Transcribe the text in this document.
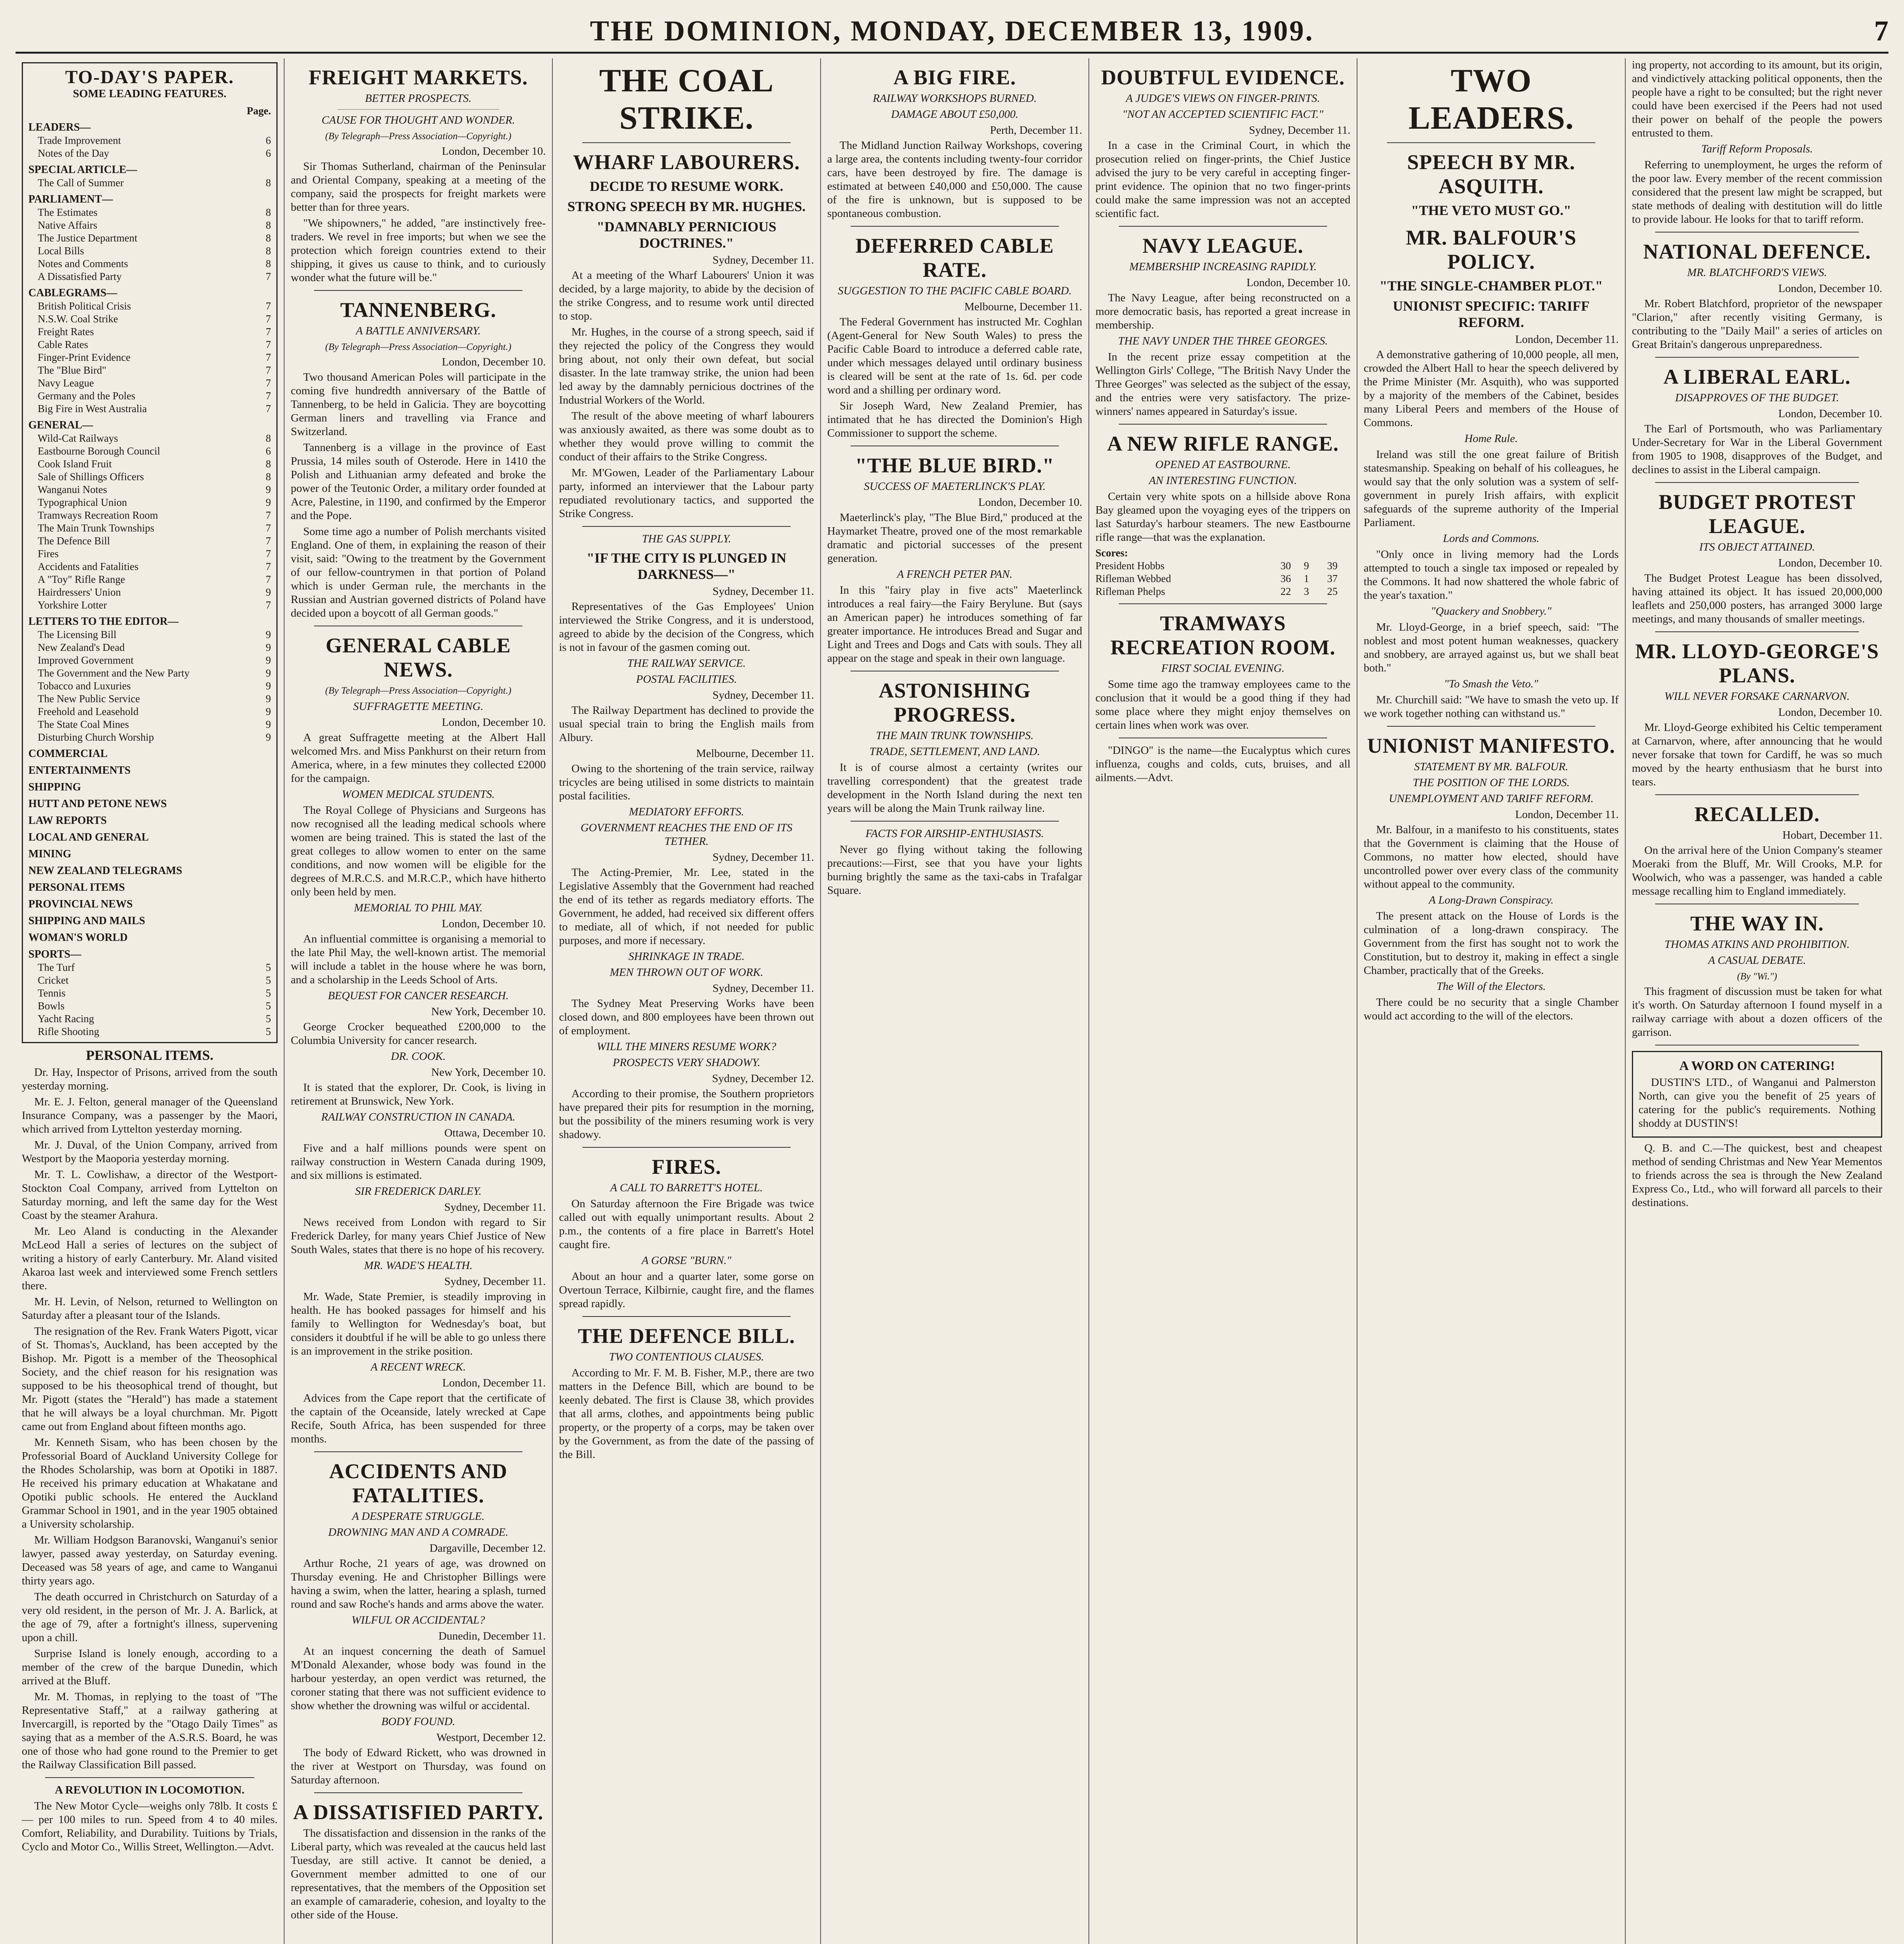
THE DOMINION, MONDAY, DECEMBER 13, 1909.	7
TO-DAY'S PAPER.
SOME LEADING FEATURES.
Page.
LEADERS—
Trade Improvement	6
Notes of the Day	6
SPECIAL ARTICLE—
The Call of Summer	8
PARLIAMENT—
The Estimates	8
Native Affairs	8
The Justice Department	8
Local Bills	8
Notes and Comments	8
A Dissatisfied Party	7
CABLEGRAMS—
British Political Crisis	7
N.S.W. Coal Strike	7
Freight Rates	7
Cable Rates	7
Finger-Print Evidence	7
The "Blue Bird"	7
Navy League	7
Germany and the Poles	7
Big Fire in West Australia	7
GENERAL—
Wild-Cat Railways	8
Eastbourne Borough Council	6
Cook Island Fruit	8
Sale of Shillings Officers	8
Wanganui Notes	9
Typographical Union	9
Tramways Recreation Room	7
The Main Trunk Townships	7
The Defence Bill	7
Fires	7
Accidents and Fatalities	7
A "Toy" Rifle Range	7
Hairdressers' Union	9
Yorkshire Lotter	7
LETTERS TO THE EDITOR—
The Licensing Bill	9
New Zealand's Dead	9
Improved Government	9
The Government and the New Party	9
Tobacco and Luxuries	9
The New Public Service	9
Freehold and Leasehold	9
The State Coal Mines	9
Disturbing Church Worship	9
COMMERCIAL
ENTERTAINMENTS
SHIPPING
HUTT AND PETONE NEWS
LAW REPORTS
LOCAL AND GENERAL
MINING
NEW ZEALAND TELEGRAMS
PERSONAL ITEMS
PROVINCIAL NEWS
SHIPPING AND MAILS
WOMAN'S WORLD
SPORTS—
The Turf	5
Cricket	5
Tennis	5
Bowls	5
Yacht Racing	5
Rifle Shooting	5
PERSONAL ITEMS.

Dr. Hay, Inspector of Prisons, arrived from the south yesterday morning.

Mr. E. J. Felton, general manager of the Queensland Insurance Company, was a passenger by the Maori, which arrived from Lyttelton yesterday morning.

Mr. J. Duval, of the Union Company, arrived from Westport by the Maoporia yesterday morning.

Mr. T. L. Cowlishaw, a director of the Westport-Stockton Coal Company, arrived from Lyttelton on Saturday morning, and left the same day for the West Coast by the steamer Arahura.

Mr. Leo Aland is conducting in the Alexander McLeod Hall a series of lectures on the subject of writing a history of early Canterbury. Mr. Aland visited Akaroa last week and interviewed some French settlers there.

Mr. H. Levin, of Nelson, returned to Wellington on Saturday after a pleasant tour of the Islands.

The resignation of the Rev. Frank Waters Pigott, vicar of St. Thomas's, Auckland, has been accepted by the Bishop. Mr. Pigott is a member of the Theosophical Society, and the chief reason for his resignation was supposed to be his theosophical trend of thought, but Mr. Pigott (states the "Herald") has made a statement that he will always be a loyal churchman. Mr. Pigott came out from England about fifteen months ago.

Mr. Kenneth Sisam, who has been chosen by the Professorial Board of Auckland University College for the Rhodes Scholarship, was born at Opotiki in 1887. He received his primary education at Whakatane and Opotiki public schools. He entered the Auckland Grammar School in 1901, and in the year 1905 obtained a University scholarship.

Mr. William Hodgson Baranovski, Wanganui's senior lawyer, passed away yesterday, on Saturday evening. Deceased was 58 years of age, and came to Wanganui thirty years ago.

The death occurred in Christchurch on Saturday of a very old resident, in the person of Mr. J. A. Barlick, at the age of 79, after a fortnight's illness, supervening upon a chill.

Surprise Island is lonely enough, according to a member of the crew of the barque Dunedin, which arrived at the Bluff.

Mr. M. Thomas, in replying to the toast of "The Representative Staff," at a railway gathering at Invercargill, is reported by the "Otago Daily Times" as saying that as a member of the A.S.R.S. Board, he was one of those who had gone round to the Premier to get the Railway Classification Bill passed.

A REVOLUTION IN LOCOMOTION.

The New Motor Cycle—weighs only 78lb. It costs £— per 100 miles to run. Speed from 4 to 40 miles. Comfort, Reliability, and Durability. Tuitions by Trials, Cyclo and Motor Co., Willis Street, Wellington.—Advt.

FREIGHT MARKETS.
BETTER PROSPECTS.
CAUSE FOR THOUGHT AND WONDER.

(By Telegraph—Press Association—Copyright.)

London, December 10.

Sir Thomas Sutherland, chairman of the Peninsular and Oriental Company, speaking at a meeting of the company, said the prospects for freight markets were better than for three years.

"We shipowners," he added, "are instinctively free-traders. We revel in free imports; but when we see the protection which foreign countries extend to their shipping, it gives us cause to think, and to curiously wonder what the future will be."

TANNENBERG.
A BATTLE ANNIVERSARY.

(By Telegraph—Press Association—Copyright.)

London, December 10.

Two thousand American Poles will participate in the coming five hundredth anniversary of the Battle of Tannenberg, to be held in Galicia. They are boycotting German liners and travelling via France and Switzerland.

Tannenberg is a village in the province of East Prussia, 14 miles south of Osterode. Here in 1410 the Polish and Lithuanian army defeated and broke the power of the Teutonic Order, a military order founded at Acre, Palestine, in 1190, and confirmed by the Emperor and the Pope.

Some time ago a number of Polish merchants visited England. One of them, in explaining the reason of their visit, said: "Owing to the treatment by the Government of our fellow-countrymen in that portion of Poland which is under German rule, the merchants in the Russian and Austrian governed districts of Poland have decided upon a boycott of all German goods."

GENERAL CABLE NEWS.

(By Telegraph—Press Association—Copyright.)

SUFFRAGETTE MEETING.

London, December 10.

A great Suffragette meeting at the Albert Hall welcomed Mrs. and Miss Pankhurst on their return from America, where, in a few minutes they collected £2000 for the campaign.

WOMEN MEDICAL STUDENTS.

The Royal College of Physicians and Surgeons has now recognised all the leading medical schools where women are being trained. This is stated the last of the great colleges to allow women to enter on the same conditions, and now women will be eligible for the degrees of M.R.C.S. and M.R.C.P., which have hitherto only been held by men.

MEMORIAL TO PHIL MAY.

London, December 10.

An influential committee is organising a memorial to the late Phil May, the well-known artist. The memorial will include a tablet in the house where he was born, and a scholarship in the Leeds School of Arts.

BEQUEST FOR CANCER RESEARCH.

New York, December 10.

George Crocker bequeathed £200,000 to the Columbia University for cancer research.

DR. COOK.

New York, December 10.

It is stated that the explorer, Dr. Cook, is living in retirement at Brunswick, New York.

RAILWAY CONSTRUCTION IN CANADA.

Ottawa, December 10.

Five and a half millions pounds were spent on railway construction in Western Canada during 1909, and six millions is estimated.

SIR FREDERICK DARLEY.

Sydney, December 11.

News received from London with regard to Sir Frederick Darley, for many years Chief Justice of New South Wales, states that there is no hope of his recovery.

MR. WADE'S HEALTH.

Sydney, December 11.

Mr. Wade, State Premier, is steadily improving in health. He has booked passages for himself and his family to Wellington for Wednesday's boat, but considers it doubtful if he will be able to go unless there is an improvement in the strike position.

A RECENT WRECK.

London, December 11.

Advices from the Cape report that the certificate of the captain of the Oceanside, lately wrecked at Cape Recife, South Africa, has been suspended for three months.

ACCIDENTS AND FATALITIES.
A DESPERATE STRUGGLE.
DROWNING MAN AND A COMRADE.

Dargaville, December 12.

Arthur Roche, 21 years of age, was drowned on Thursday evening. He and Christopher Billings were having a swim, when the latter, hearing a splash, turned round and saw Roche's hands and arms above the water.

WILFUL OR ACCIDENTAL?

Dunedin, December 11.

At an inquest concerning the death of Samuel M'Donald Alexander, whose body was found in the harbour yesterday, an open verdict was returned, the coroner stating that there was not sufficient evidence to show whether the drowning was wilful or accidental.

BODY FOUND.

Westport, December 12.

The body of Edward Rickett, who was drowned in the river at Westport on Thursday, was found on Saturday afternoon.

A DISSATISFIED PARTY.

The dissatisfaction and dissension in the ranks of the Liberal party, which was revealed at the caucus held last Tuesday, are still active. It cannot be denied, a Government member admitted to one of our representatives, that the members of the Opposition set an example of camaraderie, cohesion, and loyalty to the other side of the House.

THE COAL STRIKE.
WHARF LABOURERS.
DECIDE TO RESUME WORK.
STRONG SPEECH BY MR. HUGHES.
"DAMNABLY PERNICIOUS DOCTRINES."

Sydney, December 11.

At a meeting of the Wharf Labourers' Union it was decided, by a large majority, to abide by the decision of the strike Congress, and to resume work until directed to stop.

Mr. Hughes, in the course of a strong speech, said if they rejected the policy of the Congress they would bring about, not only their own defeat, but social disaster. In the late tramway strike, the union had been led away by the damnably pernicious doctrines of the Industrial Workers of the World.

The result of the above meeting of wharf labourers was anxiously awaited, as there was some doubt as to whether they would prove willing to commit the conduct of their affairs to the Strike Congress.

Mr. M'Gowen, Leader of the Parliamentary Labour party, informed an interviewer that the Labour party repudiated revolutionary tactics, and supported the Strike Congress.

THE GAS SUPPLY.
"IF THE CITY IS PLUNGED IN DARKNESS—"

Sydney, December 11.

Representatives of the Gas Employees' Union interviewed the Strike Congress, and it is understood, agreed to abide by the decision of the Congress, which is not in favour of the gasmen coming out.

THE RAILWAY SERVICE.
POSTAL FACILITIES.

Sydney, December 11.

The Railway Department has declined to provide the usual special train to bring the English mails from Albury.

Melbourne, December 11.

Owing to the shortening of the train service, railway tricycles are being utilised in some districts to maintain postal facilities.

MEDIATORY EFFORTS.
GOVERNMENT REACHES THE END OF ITS TETHER.

Sydney, December 11.

The Acting-Premier, Mr. Lee, stated in the Legislative Assembly that the Government had reached the end of its tether as regards mediatory efforts. The Government, he added, had received six different offers to mediate, all of which, if not needed for public purposes, and more if necessary.

SHRINKAGE IN TRADE.
MEN THROWN OUT OF WORK.

Sydney, December 11.

The Sydney Meat Preserving Works have been closed down, and 800 employees have been thrown out of employment.

WILL THE MINERS RESUME WORK?
PROSPECTS VERY SHADOWY.

Sydney, December 12.

According to their promise, the Southern proprietors have prepared their pits for resumption in the morning, but the possibility of the miners resuming work is very shadowy.

FIRES.
A CALL TO BARRETT'S HOTEL.

On Saturday afternoon the Fire Brigade was twice called out with equally unimportant results. About 2 p.m., the contents of a fire place in Barrett's Hotel caught fire.

A GORSE "BURN."

About an hour and a quarter later, some gorse on Overtoun Terrace, Kilbirnie, caught fire, and the flames spread rapidly.

THE DEFENCE BILL.
TWO CONTENTIOUS CLAUSES.

According to Mr. F. M. B. Fisher, M.P., there are two matters in the Defence Bill, which are bound to be keenly debated. The first is Clause 38, which provides that all arms, clothes, and appointments being public property, or the property of a corps, may be taken over by the Government, as from the date of the passing of the Bill.

A BIG FIRE.
RAILWAY WORKSHOPS BURNED.
DAMAGE ABOUT £50,000.

Perth, December 11.

The Midland Junction Railway Workshops, covering a large area, the contents including twenty-four corridor cars, have been destroyed by fire. The damage is estimated at between £40,000 and £50,000. The cause of the fire is unknown, but is supposed to be spontaneous combustion.

DEFERRED CABLE RATE.
SUGGESTION TO THE PACIFIC CABLE BOARD.

Melbourne, December 11.

The Federal Government has instructed Mr. Coghlan (Agent-General for New South Wales) to press the Pacific Cable Board to introduce a deferred cable rate, under which messages delayed until ordinary business is cleared will be sent at the rate of 1s. 6d. per code word and a shilling per ordinary word.

Sir Joseph Ward, New Zealand Premier, has intimated that he has directed the Dominion's High Commissioner to support the scheme.

"THE BLUE BIRD."
SUCCESS OF MAETERLINCK'S PLAY.

London, December 10.

Maeterlinck's play, "The Blue Bird," produced at the Haymarket Theatre, proved one of the most remarkable dramatic and pictorial successes of the present generation.

A FRENCH PETER PAN.

In this "fairy play in five acts" Maeterlinck introduces a real fairy—the Fairy Berylune. But (says an American paper) he introduces something of far greater importance. He introduces Bread and Sugar and Light and Trees and Dogs and Cats with souls. They all appear on the stage and speak in their own language.

ASTONISHING PROGRESS.
THE MAIN TRUNK TOWNSHIPS.
TRADE, SETTLEMENT, AND LAND.

It is of course almost a certainty (writes our travelling correspondent) that the greatest trade development in the North Island during the next ten years will be along the Main Trunk railway line.

FACTS FOR AIRSHIP-ENTHUSIASTS.

Never go flying without taking the following precautions:—First, see that you have your lights burning brightly the same as the taxi-cabs in Trafalgar Square.

DOUBTFUL EVIDENCE.
A JUDGE'S VIEWS ON FINGER-PRINTS.
"NOT AN ACCEPTED SCIENTIFIC FACT."

Sydney, December 11.

In a case in the Criminal Court, in which the prosecution relied on finger-prints, the Chief Justice advised the jury to be very careful in accepting finger-print evidence. The opinion that no two finger-prints could make the same impression was not an accepted scientific fact.

NAVY LEAGUE.
MEMBERSHIP INCREASING RAPIDLY.

London, December 10.

The Navy League, after being reconstructed on a more democratic basis, has reported a great increase in membership.

THE NAVY UNDER THE THREE GEORGES.

In the recent prize essay competition at the Wellington Girls' College, "The British Navy Under the Three Georges" was selected as the subject of the essay, and the entries were very satisfactory. The prize-winners' names appeared in Saturday's issue.

A NEW RIFLE RANGE.
OPENED AT EASTBOURNE.
AN INTERESTING FUNCTION.

Certain very white spots on a hillside above Rona Bay gleamed upon the voyaging eyes of the trippers on last Saturday's harbour steamers. The new Eastbourne rifle range—that was the explanation.

Scores:
President Hobbs	30	9	39
Rifleman Webbed	36	1	37
Rifleman Phelps	22	3	25
TRAMWAYS RECREATION ROOM.
FIRST SOCIAL EVENING.

Some time ago the tramway employees came to the conclusion that it would be a good thing if they had some place where they might enjoy themselves on certain lines when work was over.

"DINGO" is the name—the Eucalyptus which cures influenza, coughs and colds, cuts, bruises, and all ailments.—Advt.

TWO LEADERS.
SPEECH BY MR. ASQUITH.
"THE VETO MUST GO."
MR. BALFOUR'S POLICY.
"THE SINGLE-CHAMBER PLOT."
UNIONIST SPECIFIC: TARIFF REFORM.

London, December 11.

A demonstrative gathering of 10,000 people, all men, crowded the Albert Hall to hear the speech delivered by the Prime Minister (Mr. Asquith), who was supported by a majority of the members of the Cabinet, besides many Liberal Peers and members of the House of Commons.

Home Rule.

Ireland was still the one great failure of British statesmanship. Speaking on behalf of his colleagues, he would say that the only solution was a system of self-government in purely Irish affairs, with explicit safeguards of the supreme authority of the Imperial Parliament.

Lords and Commons.

"Only once in living memory had the Lords attempted to touch a single tax imposed or repealed by the Commons. It had now shattered the whole fabric of the year's taxation."

"Quackery and Snobbery."

Mr. Lloyd-George, in a brief speech, said: "The noblest and most potent human weaknesses, quackery and snobbery, are arrayed against us, but we shall beat both."

"To Smash the Veto."

Mr. Churchill said: "We have to smash the veto up. If we work together nothing can withstand us."

UNIONIST MANIFESTO.
STATEMENT BY MR. BALFOUR.
THE POSITION OF THE LORDS.
UNEMPLOYMENT AND TARIFF REFORM.

London, December 11.

Mr. Balfour, in a manifesto to his constituents, states that the Government is claiming that the House of Commons, no matter how elected, should have uncontrolled power over every class of the community without appeal to the community.

A Long-Drawn Conspiracy.

The present attack on the House of Lords is the culmination of a long-drawn conspiracy. The Government from the first has sought not to work the Constitution, but to destroy it, making in effect a single Chamber, practically that of the Greeks.

The Will of the Electors.

There could be no security that a single Chamber would act according to the will of the electors.

ing property, not according to its amount, but its origin, and vindictively attacking political opponents, then the people have a right to be consulted; but the right never could have been exercised if the Peers had not used their power on behalf of the people the powers entrusted to them.

Tariff Reform Proposals.

Referring to unemployment, he urges the reform of the poor law. Every member of the recent commission considered that the present law might be scrapped, but state methods of dealing with destitution will do little to provide labour. He looks for that to tariff reform.

NATIONAL DEFENCE.
MR. BLATCHFORD'S VIEWS.

London, December 10.

Mr. Robert Blatchford, proprietor of the newspaper "Clarion," after recently visiting Germany, is contributing to the "Daily Mail" a series of articles on Great Britain's dangerous unpreparedness.

A LIBERAL EARL.
DISAPPROVES OF THE BUDGET.

London, December 10.

The Earl of Portsmouth, who was Parliamentary Under-Secretary for War in the Liberal Government from 1905 to 1908, disapproves of the Budget, and declines to assist in the Liberal campaign.

BUDGET PROTEST LEAGUE.
ITS OBJECT ATTAINED.

London, December 10.

The Budget Protest League has been dissolved, having attained its object. It has issued 20,000,000 leaflets and 250,000 posters, has arranged 3000 large meetings, and many thousands of smaller meetings.

MR. LLOYD-GEORGE'S PLANS.
WILL NEVER FORSAKE CARNARVON.

London, December 10.

Mr. Lloyd-George exhibited his Celtic temperament at Carnarvon, where, after announcing that he would never forsake that town for Cardiff, he was so much moved by the hearty enthusiasm that he burst into tears.

RECALLED.

Hobart, December 11.

On the arrival here of the Union Company's steamer Moeraki from the Bluff, Mr. Will Crooks, M.P. for Woolwich, who was a passenger, was handed a cable message recalling him to England immediately.

THE WAY IN.
THOMAS ATKINS AND PROHIBITION.
A CASUAL DEBATE.

(By "Wi.")

This fragment of discussion must be taken for what it's worth. On Saturday afternoon I found myself in a railway carriage with about a dozen officers of the garrison.

A WORD ON CATERING!

DUSTIN'S LTD., of Wanganui and Palmerston North, can give you the benefit of 25 years of catering for the public's requirements. Nothing shoddy at DUSTIN'S!

Q. B. and C.—The quickest, best and cheapest method of sending Christmas and New Year Mementos to friends across the sea is through the New Zealand Express Co., Ltd., who will forward all parcels to their destinations.
